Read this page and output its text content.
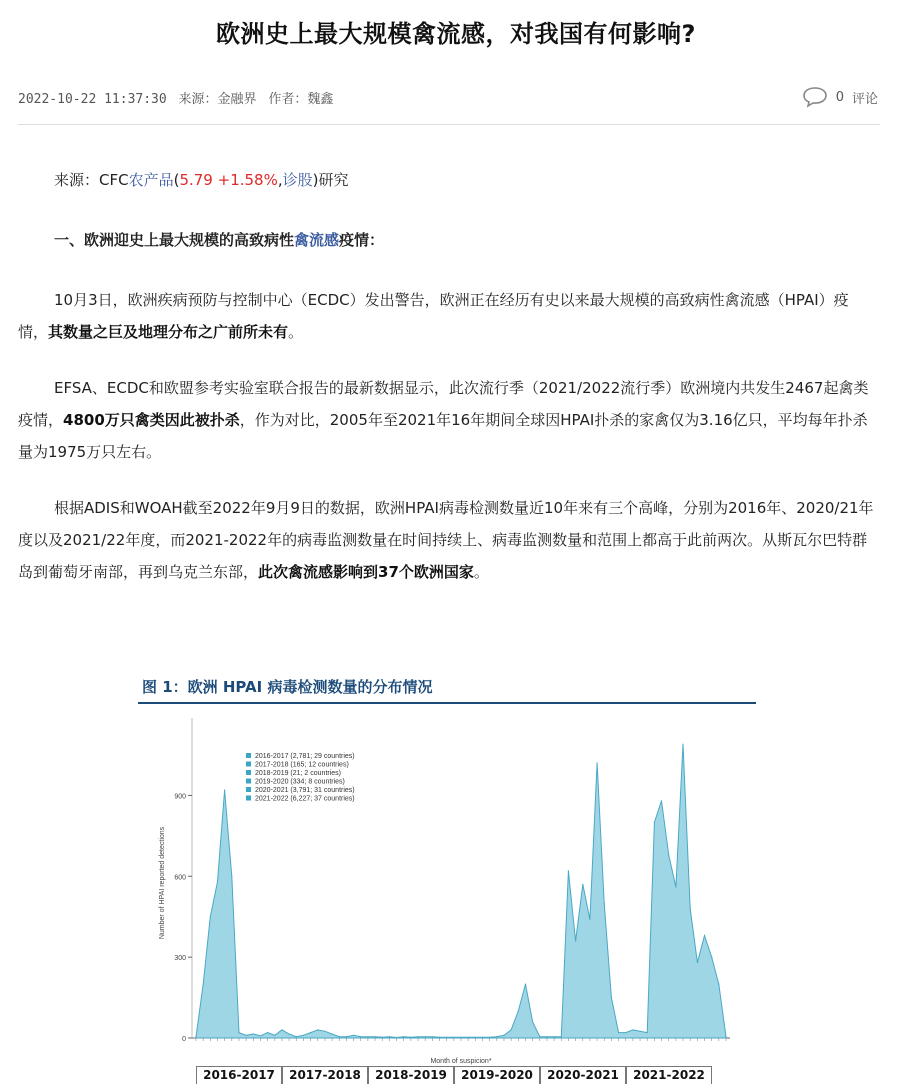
欧洲史上最大规模禽流感，对我国有何影响?
2022-10-22 11:37:30 来源：金融界 作者：魏鑫	0 评论
来源：CFC农产品(5.79 +1.58%,诊股)研究
一、欧洲迎史上最大规模的高致病性禽流感疫情：
10月3日，欧洲疾病预防与控制中心（ECDC）发出警告，欧洲正在经历有史以来最大规模的高致病性禽流感（HPAI）疫情，其数量之巨及地理分布之广前所未有。
EFSA、ECDC和欧盟参考实验室联合报告的最新数据显示，此次流行季（2021/2022流行季）欧洲境内共发生2467起禽类疫情，4800万只禽类因此被扑杀，作为对比，2005年至2021年16年期间全球因HPAI扑杀的家禽仅为3.16亿只，平均每年扑杀量为1975万只左右。
根据ADIS和WOAH截至2022年9月9日的数据，欧洲HPAI病毒检测数量近10年来有三个高峰，分别为2016年、2020/21年度以及2021/22年度，而2021-2022年的病毒监测数量在时间持续上、病毒监测数量和范围上都高于此前两次。从斯瓦尔巴特群岛到葡萄牙南部，再到乌克兰东部，此次禽流感影响到37个欧洲国家。
图 1：欧洲 HPAI 病毒检测数量的分布情况
0
300
600
900
Number of HPAI reported detections
Month of suspicion*
2016-2017 (2,781; 29 countries)
2017-2018 (165; 12 countries)
2018-2019 (21; 2 countries)
2019-2020 (334; 8 countries)
2020-2021 (3,791; 31 countries)
2021-2022 (6,227; 37 countries)
2016-2017	2017-2018	2018-2019	2019-2020	2020-2021	2021-2022
